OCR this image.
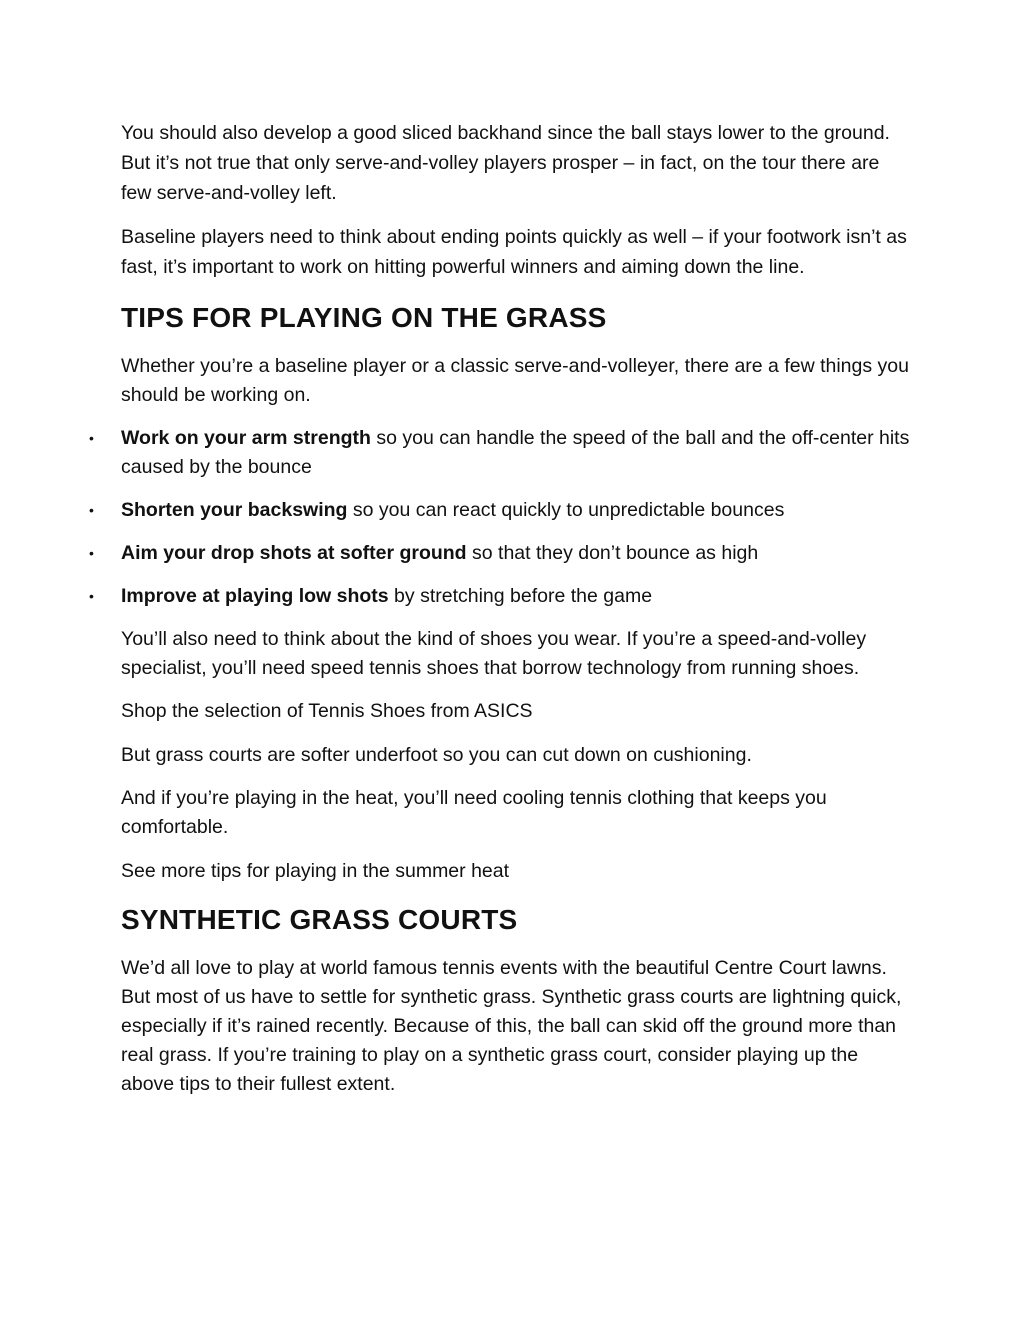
You should also develop a good sliced backhand since the ball stays lower to the ground. But it’s not true that only serve-and-volley players prosper – in fact, on the tour there are few serve-and-volley left.

Baseline players need to think about ending points quickly as well – if your footwork isn’t as fast, it’s important to work on hitting powerful winners and aiming down the line.

TIPS FOR PLAYING ON THE GRASS

Whether you’re a baseline player or a classic serve-and-volleyer, there are a few things you should be working on.

• Work on your arm strength so you can handle the speed of the ball and the off-center hits caused by the bounce
• Shorten your backswing so you can react quickly to unpredictable bounces
• Aim your drop shots at softer ground so that they don’t bounce as high
• Improve at playing low shots by stretching before the game

You’ll also need to think about the kind of shoes you wear. If you’re a speed-and-volley specialist, you’ll need speed tennis shoes that borrow technology from running shoes.

Shop the selection of Tennis Shoes from ASICS

But grass courts are softer underfoot so you can cut down on cushioning.

And if you’re playing in the heat, you’ll need cooling tennis clothing that keeps you comfortable.

See more tips for playing in the summer heat

SYNTHETIC GRASS COURTS

We’d all love to play at world famous tennis events with the beautiful Centre Court lawns. But most of us have to settle for synthetic grass. Synthetic grass courts are lightning quick, especially if it’s rained recently. Because of this, the ball can skid off the ground more than real grass. If you’re training to play on a synthetic grass court, consider playing up the above tips to their fullest extent.
